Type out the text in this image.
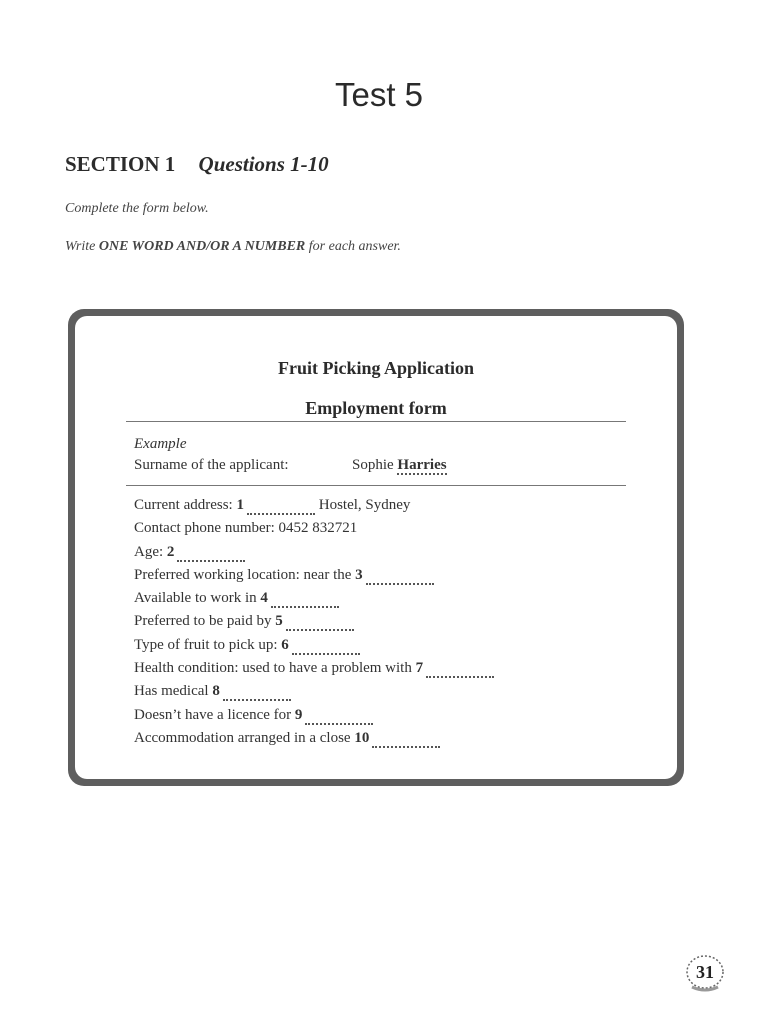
Test 5
SECTION 1 Questions 1-10
Complete the form below.
Write ONE WORD AND/OR A NUMBER for each answer.
Fruit Picking Application
Employment form
Example
Surname of the applicant:	Sophie Harries
Current address: 1	Hostel, Sydney
Contact phone number: 0452 832721
Age: 2
Preferred working location: near the 3
Available to work in 4
Preferred to be paid by 5
Type of fruit to pick up: 6
Health condition: used to have a problem with 7
Has medical 8
Doesn’t have a licence for 9
Accommodation arranged in a close 10
31
